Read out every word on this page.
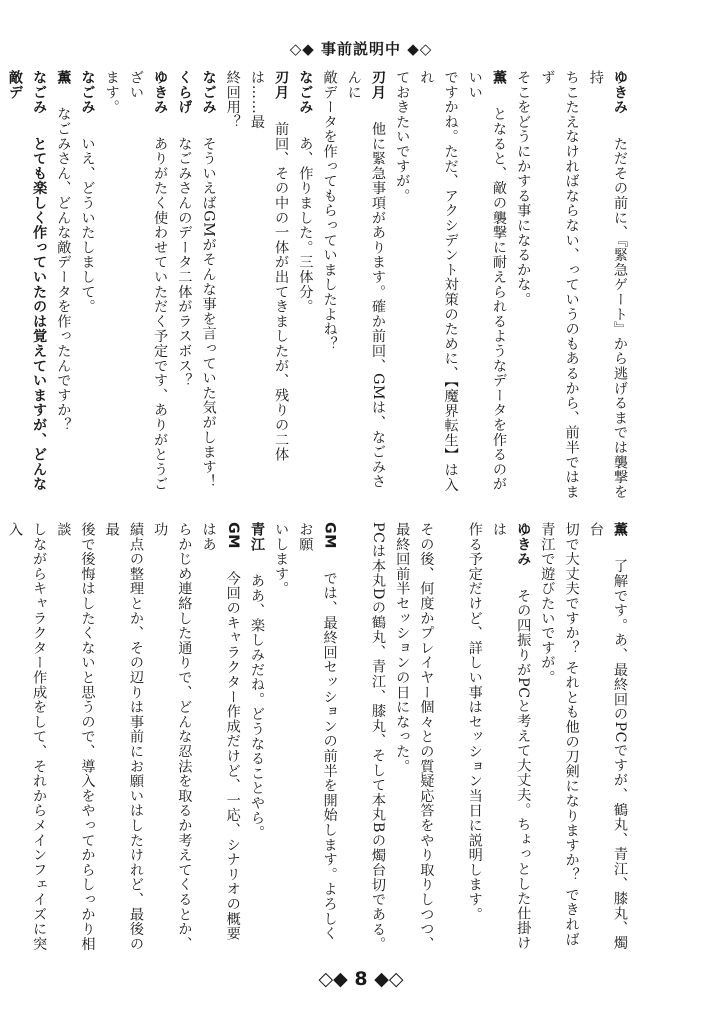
◇◆ 事前説明中 ◆◇
ゆきみ　ただその前に、『緊急ゲート』から逃げるまでは襲撃を持
ちこたえなければならない、っていうのもあるから、前半ではまず
そこをどうにかする事になるかな。
薫　となると、敵の襲撃に耐えられるようなデータを作るのがいい
ですかね。ただ、アクシデント対策のために、【魔界転生】は入れ
ておきたいですが。
刃月　他に緊急事項があります。確か前回、GMは、なごみさんに
敵データを作ってもらっていましたよね？
なごみ　あ、作りました。三体分。
刃月　前回、その中の一体が出てきましたが、残りの二体は……最
終回用？
なごみ　そういえばGMがそんな事を言っていた気がします！
くらげ　なごみさんのデータ二体がラスボス？
ゆきみ　ありがたく使わせていただく予定です、ありがとうござい
ます。
なごみ　いえ、どういたしまして。
薫　なごみさん、どんな敵データを作ったんですか？
なごみ　とても楽しく作っていたのは覚えていますが、どんな敵デ

薫　了解です。あ、最終回のPCですが、鶴丸、青江、膝丸、燭台
切で大丈夫ですか？ それとも他の刀剣になりますか？ できれば
青江で遊びたいですが。
ゆきみ　その四振りがPCと考えて大丈夫。ちょっとした仕掛けは
作る予定だけど、詳しい事はセッション当日に説明します。

その後、何度かプレイヤー個々との質疑応答をやり取りしつつ、
最終回前半セッションの日になった。
PCは本丸Dの鶴丸、青江、膝丸、そして本丸Bの燭台切である。

GM　では、最終回セッションの前半を開始します。よろしくお願
いします。
青江　ああ、楽しみだね。どうなることやら。
GM　今回のキャラクター作成だけど、一応、シナリオの概要はあ
らかじめ連絡した通りで、どんな忍法を取るか考えてくるとか、功
績点の整理とか、その辺りは事前にお願いはしたけれど、最後の最
後で後悔はしたくないと思うので、導入をやってからしっかり相談
しながらキャラクター作成をして、それからメインフェイズに突入

◇◆ 8 ◆◇
